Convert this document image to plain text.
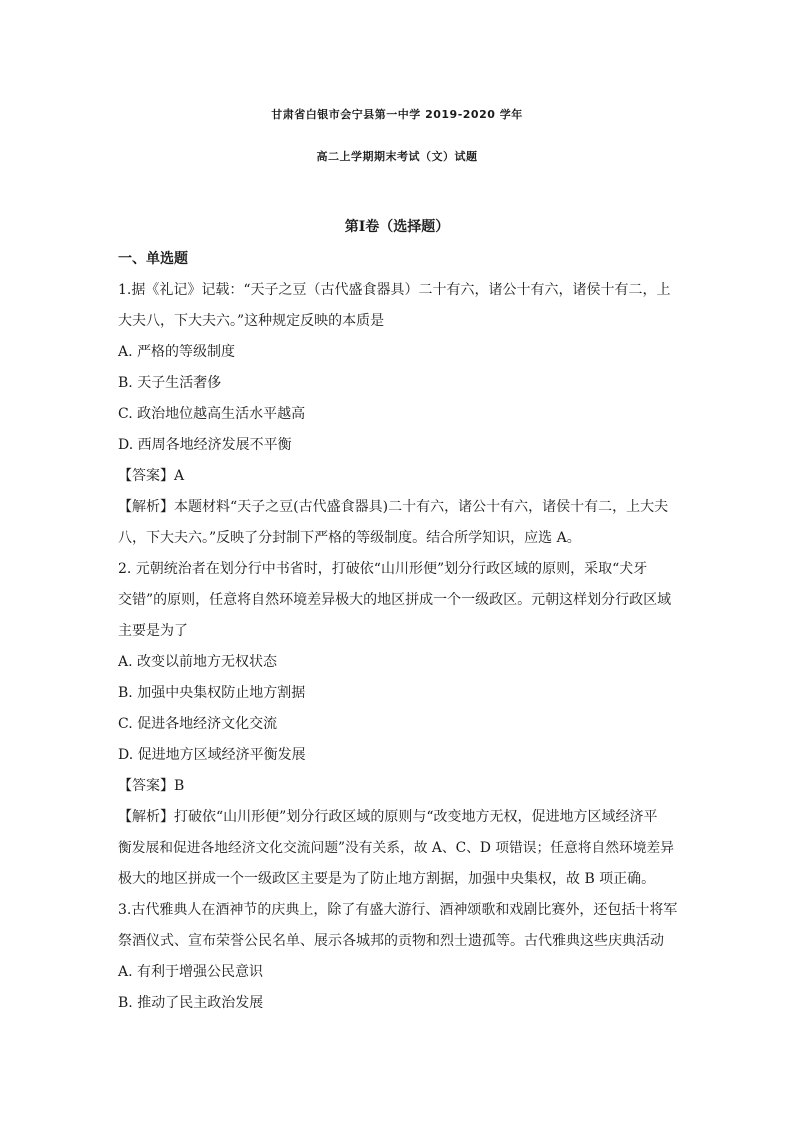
甘肃省白银市会宁县第一中学 2019-2020 学年
高二上学期期末考试（文）试题
第Ⅰ卷（选择题）
一、单选题
1.据《礼记》记载：“天子之豆（古代盛食器具）二十有六，诸公十有六，诸侯十有二，上
大夫八，下大夫六。”这种规定反映的本质是
A. 严格的等级制度
B. 天子生活奢侈
C. 政治地位越高生活水平越高
D. 西周各地经济发展不平衡
【答案】A
【解析】本题材料“天子之豆(古代盛食器具)二十有六，诸公十有六，诸侯十有二，上大夫
八，下大夫六。”反映了分封制下严格的等级制度。结合所学知识，应选 A。
2. 元朝统治者在划分行中书省时，打破依“山川形便”划分行政区域的原则，采取“犬牙
交错”的原则，任意将自然环境差异极大的地区拼成一个一级政区。元朝这样划分行政区域
主要是为了
A. 改变以前地方无权状态
B. 加强中央集权防止地方割据
C. 促进各地经济文化交流
D. 促进地方区域经济平衡发展
【答案】B
【解析】打破依“山川形便”划分行政区域的原则与“改变地方无权，促进地方区域经济平
衡发展和促进各地经济文化交流问题”没有关系，故 A、C、D 项错误；任意将自然环境差异
极大的地区拼成一个一级政区主要是为了防止地方割据，加强中央集权，故 B 项正确。
3.古代雅典人在酒神节的庆典上，除了有盛大游行、酒神颂歌和戏剧比赛外，还包括十将军
祭酒仪式、宣布荣誉公民名单、展示各城邦的贡物和烈士遗孤等。古代雅典这些庆典活动
A. 有利于增强公民意识
B. 推动了民主政治发展
